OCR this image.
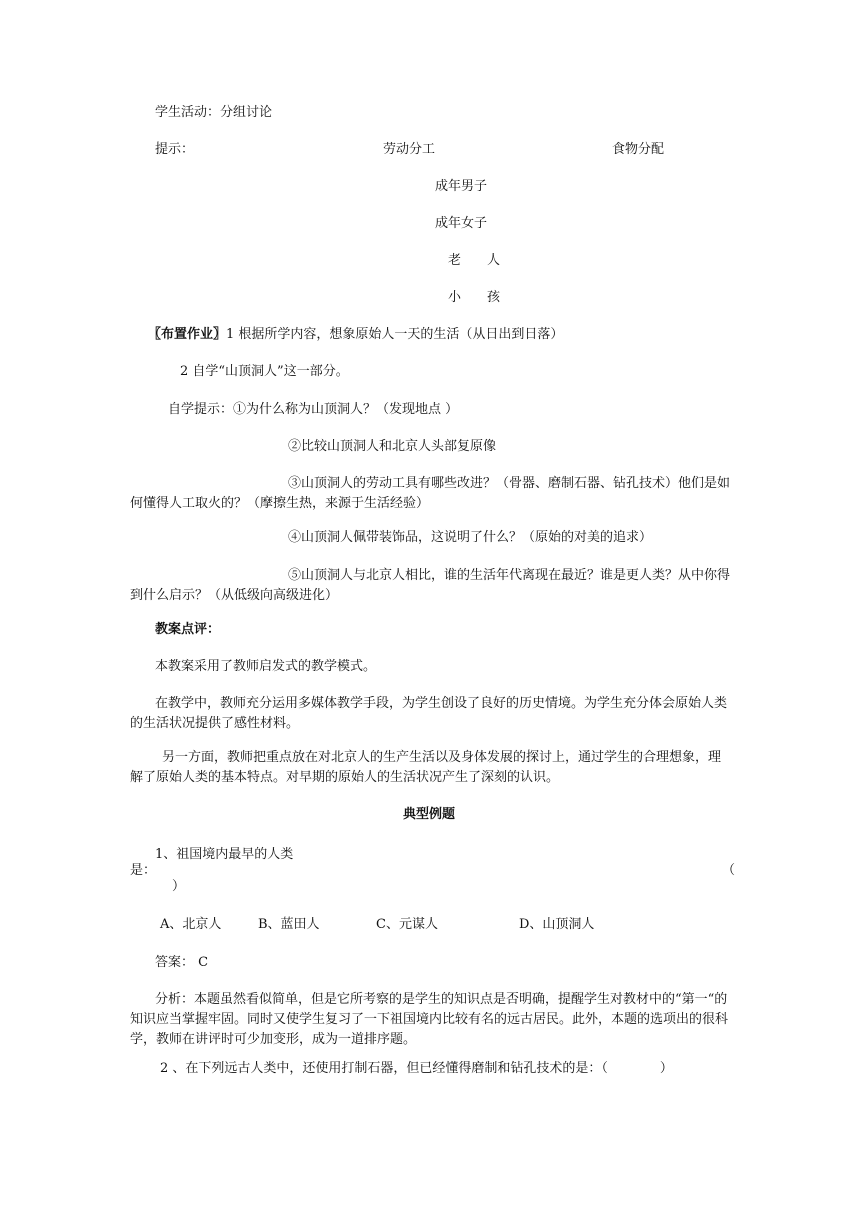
学生活动：分组讨论
提示：	劳动分工	食物分配
成年男子
成年女子
老　　人
小　　孩
〖布置作业〗1 根据所学内容，想象原始人一天的生活（从日出到日落）
2 自学“山顶洞人”这一部分。
自学提示：①为什么称为山顶洞人？（发现地点 ）
②比较山顶洞人和北京人头部复原像
③山顶洞人的劳动工具有哪些改进？（骨器、磨制石器、钻孔技术）他们是如何懂得人工取火的？（摩擦生热，来源于生活经验）
④山顶洞人佩带装饰品，这说明了什么？（原始的对美的追求）
⑤山顶洞人与北京人相比，谁的生活年代离现在最近？谁是更人类？从中你得到什么启示？（从低级向高级进化）
教案点评：
本教案采用了教师启发式的教学模式。
在教学中，教师充分运用多媒体教学手段，为学生创设了良好的历史情境。为学生充分体会原始人类的生活状况提供了感性材料。
另一方面，教师把重点放在对北京人的生产生活以及身体发展的探讨上，通过学生的合理想象，理解了原始人类的基本特点。对早期的原始人的生活状况产生了深刻的认识。
典型例题
1、祖国境内最早的人类
是：	（
）
A、北京人	B、蓝田人	C、元谋人	D、山顶洞人
答案： C
分析：本题虽然看似简单，但是它所考察的是学生的知识点是否明确，提醒学生对教材中的“第一“的知识应当掌握牢固。同时又使学生复习了一下祖国境内比较有名的远古居民。此外，本题的选项出的很科学，教师在讲评时可少加变形，成为一道排序题。
2 、在下列远古人类中，还使用打制石器，但已经懂得磨制和钻孔技术的是：（　　　　）
